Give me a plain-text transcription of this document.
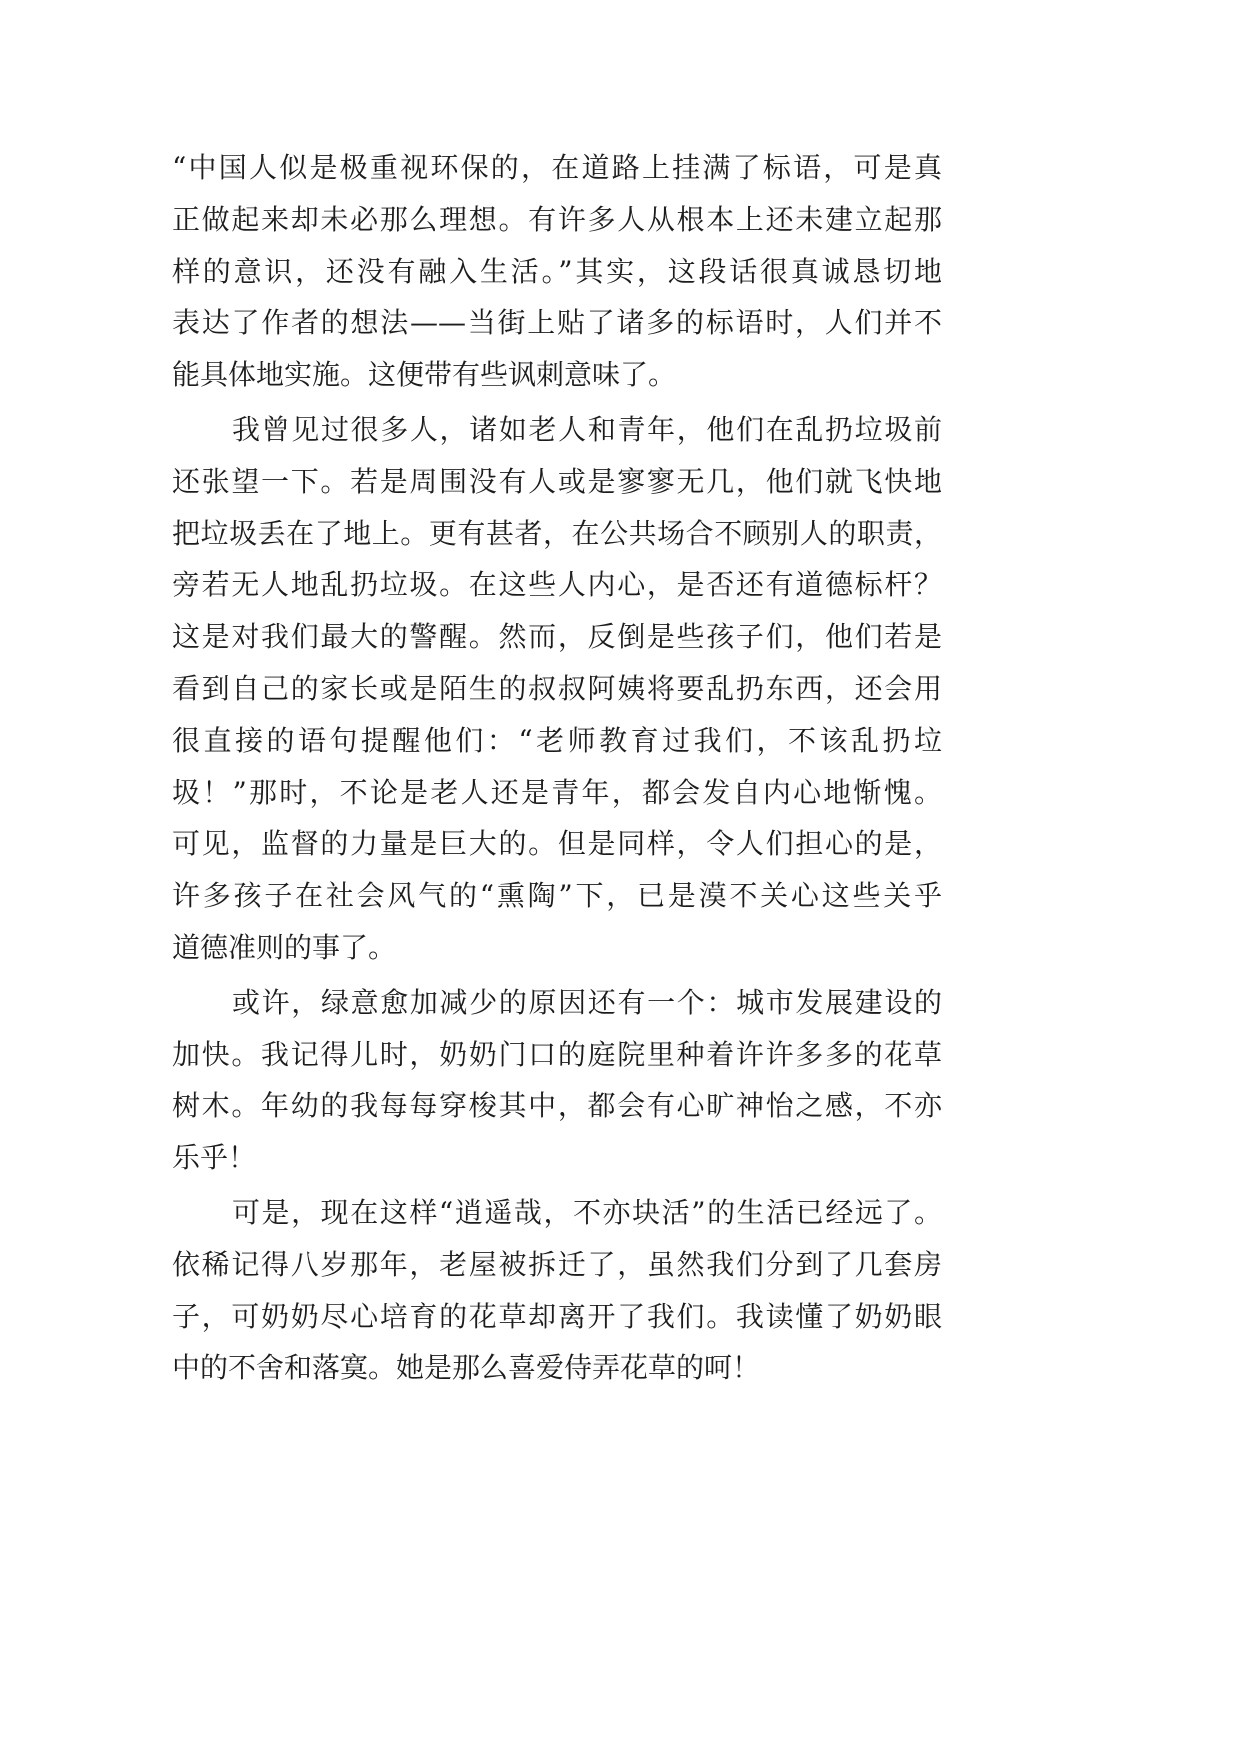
“中国人似是极重视环保的，在道路上挂满了标语，可是真
正做起来却未必那么理想。有许多人从根本上还未建立起那
样的意识，还没有融入生活。”其实，这段话很真诚恳切地
表达了作者的想法——当街上贴了诸多的标语时，人们并不
能具体地实施。这便带有些讽刺意味了。
我曾见过很多人，诸如老人和青年，他们在乱扔垃圾前
还张望一下。若是周围没有人或是寥寥无几，他们就飞快地
把垃圾丢在了地上。更有甚者，在公共场合不顾别人的职责，
旁若无人地乱扔垃圾。在这些人内心，是否还有道德标杆？
这是对我们最大的警醒。然而，反倒是些孩子们，他们若是
看到自己的家长或是陌生的叔叔阿姨将要乱扔东西，还会用
很直接的语句提醒他们：“老师教育过我们，不该乱扔垃
圾！”那时，不论是老人还是青年，都会发自内心地惭愧。
可见，监督的力量是巨大的。但是同样，令人们担心的是，
许多孩子在社会风气的“熏陶”下，已是漠不关心这些关乎
道德准则的事了。
或许，绿意愈加减少的原因还有一个：城市发展建设的
加快。我记得儿时，奶奶门口的庭院里种着许许多多的花草
树木。年幼的我每每穿梭其中，都会有心旷神怡之感，不亦
乐乎！
可是，现在这样“逍遥哉，不亦块活”的生活已经远了。
依稀记得八岁那年，老屋被拆迁了，虽然我们分到了几套房
子，可奶奶尽心培育的花草却离开了我们。我读懂了奶奶眼
中的不舍和落寞。她是那么喜爱侍弄花草的呵！
